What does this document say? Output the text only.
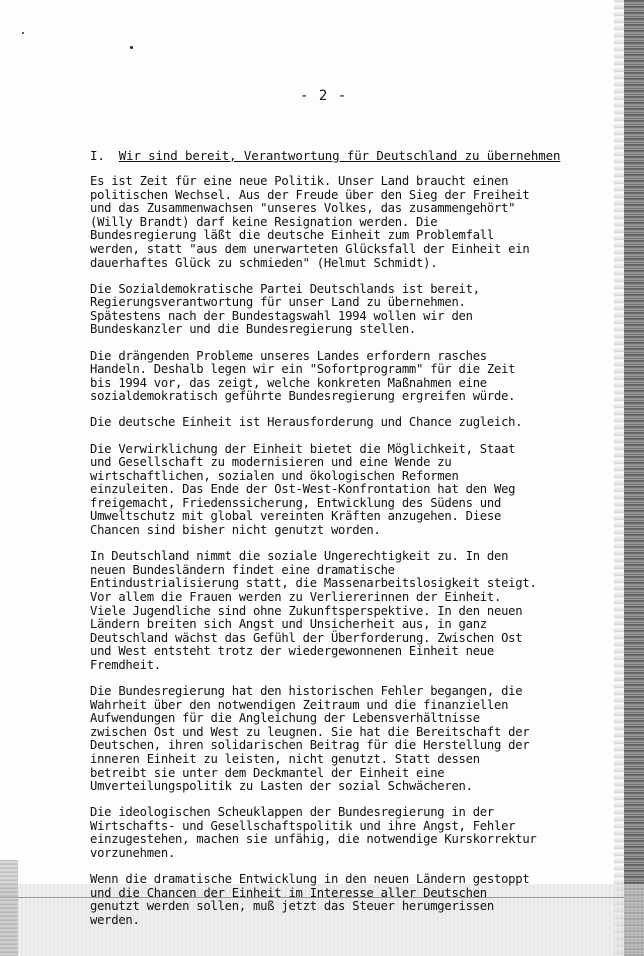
- 2 -
I. Wir sind bereit, Verantwortung für Deutschland zu übernehmen

Es ist Zeit für eine neue Politik. Unser Land braucht einen
politischen Wechsel. Aus der Freude über den Sieg der Freiheit
und das Zusammenwachsen "unseres Volkes, das zusammengehört"
(Willy Brandt) darf keine Resignation werden. Die
Bundesregierung läßt die deutsche Einheit zum Problemfall
werden, statt "aus dem unerwarteten Glücksfall der Einheit ein
dauerhaftes Glück zu schmieden" (Helmut Schmidt).

Die Sozialdemokratische Partei Deutschlands ist bereit,
Regierungsverantwortung für unser Land zu übernehmen.
Spätestens nach der Bundestagswahl 1994 wollen wir den
Bundeskanzler und die Bundesregierung stellen.

Die drängenden Probleme unseres Landes erfordern rasches
Handeln. Deshalb legen wir ein "Sofortprogramm" für die Zeit
bis 1994 vor, das zeigt, welche konkreten Maßnahmen eine
sozialdemokratisch geführte Bundesregierung ergreifen würde.

Die deutsche Einheit ist Herausforderung und Chance zugleich.

Die Verwirklichung der Einheit bietet die Möglichkeit, Staat
und Gesellschaft zu modernisieren und eine Wende zu
wirtschaftlichen, sozialen und ökologischen Reformen
einzuleiten. Das Ende der Ost-West-Konfrontation hat den Weg
freigemacht, Friedenssicherung, Entwicklung des Südens und
Umweltschutz mit global vereinten Kräften anzugehen. Diese
Chancen sind bisher nicht genutzt worden.

In Deutschland nimmt die soziale Ungerechtigkeit zu. In den
neuen Bundesländern findet eine dramatische
Entindustrialisierung statt, die Massenarbeitslosigkeit steigt.
Vor allem die Frauen werden zu Verliererinnen der Einheit.
Viele Jugendliche sind ohne Zukunftsperspektive. In den neuen
Ländern breiten sich Angst und Unsicherheit aus, in ganz
Deutschland wächst das Gefühl der Überforderung. Zwischen Ost
und West entsteht trotz der wiedergewonnenen Einheit neue
Fremdheit.

Die Bundesregierung hat den historischen Fehler begangen, die
Wahrheit über den notwendigen Zeitraum und die finanziellen
Aufwendungen für die Angleichung der Lebensverhältnisse
zwischen Ost und West zu leugnen. Sie hat die Bereitschaft der
Deutschen, ihren solidarischen Beitrag für die Herstellung der
inneren Einheit zu leisten, nicht genutzt. Statt dessen
betreibt sie unter dem Deckmantel der Einheit eine
Umverteilungspolitik zu Lasten der sozial Schwächeren.

Die ideologischen Scheuklappen der Bundesregierung in der
Wirtschafts- und Gesellschaftspolitik und ihre Angst, Fehler
einzugestehen, machen sie unfähig, die notwendige Kurskorrektur
vorzunehmen.

Wenn die dramatische Entwicklung in den neuen Ländern gestoppt
und die Chancen der Einheit im Interesse aller Deutschen
genutzt werden sollen, muß jetzt das Steuer herumgerissen
werden.
